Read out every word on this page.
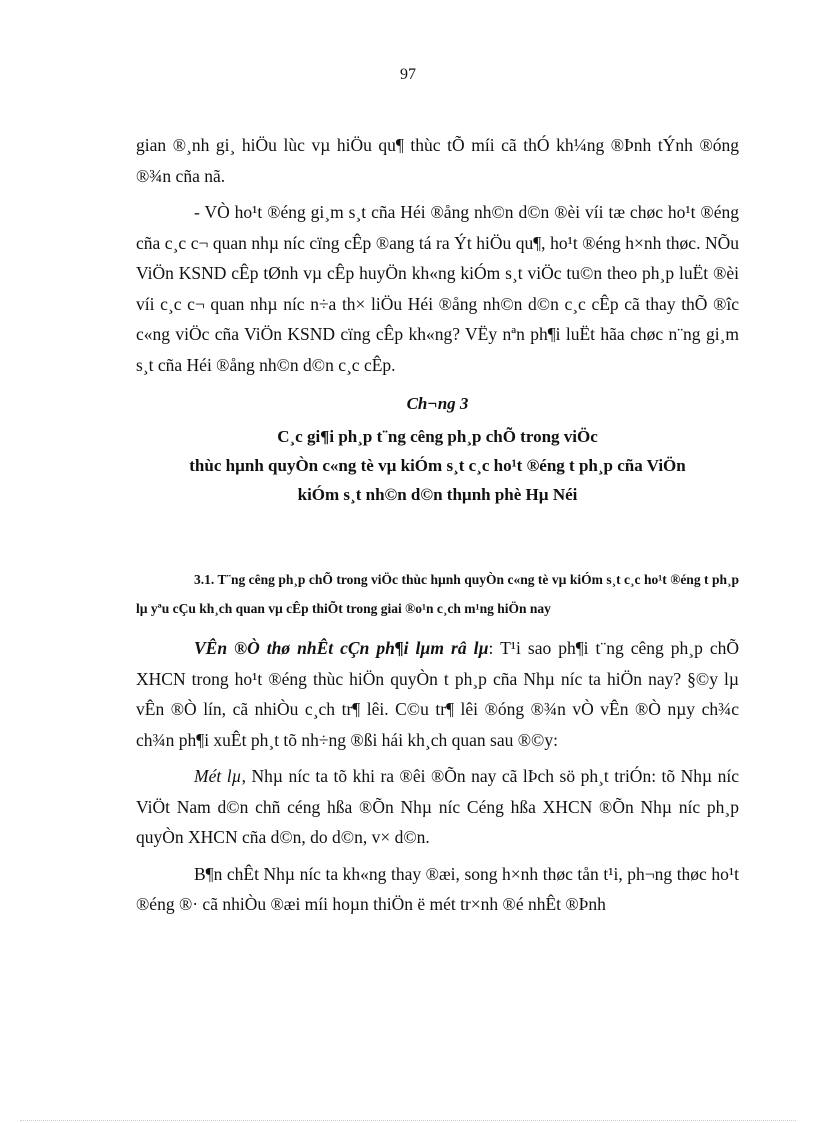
97

gian ®¸nh gi¸ hiÖu lùc vµ hiÖu qu¶ thùc tÕ míi cã thÓ kh¼ng ®Þnh tÝnh ®óng ®¾n cña nã.

- VÒ ho¹t ®éng gi¸m s¸t cña Héi ®ång nh©n d©n ®èi víi tæ chøc ho¹t ®éng cña c¸c c¬ quan nhµ níc cïng cÊp ®ang tá ra Ýt hiÖu qu¶, ho¹t ®éng h×nh thøc. NÕu ViÖn KSND cÊp tØnh vµ cÊp huyÖn kh«ng kiÓm s¸t viÖc tu©n theo ph¸p luËt ®èi víi c¸c c¬ quan nhµ níc n÷a th× liÖu Héi ®ång nh©n d©n c¸c cÊp cã thay thÕ ®îc c«ng viÖc cña ViÖn KSND cïng cÊp kh«ng? VËy nªn ph¶i luËt hãa chøc n¨ng gi¸m s¸t cña Héi ®ång nh©n d©n c¸c cÊp.

Ch¬ng 3
C¸c gi¶i ph¸p t¨ng cêng ph¸p chÕ trong viÖc
thùc hµnh quyÒn c«ng tè vµ kiÓm s¸t c¸c ho¹t ®éng t ph¸p cña ViÖn
kiÓm s¸t nh©n d©n thµnh phè Hµ Néi

3.1. T¨ng cêng ph¸p chÕ trong viÖc thùc hµnh quyÒn c«ng tè vµ kiÓm s¸t c¸c ho¹t ®éng t ph¸p lµ yªu cÇu kh¸ch quan vµ cÊp thiÕt trong giai ®o¹n c¸ch m¹ng hiÖn nay

VÊn ®Ò thø nhÊt cÇn ph¶i lµm râ lµ: T¹i sao ph¶i t¨ng cêng ph¸p chÕ XHCN trong ho¹t ®éng thùc hiÖn quyÒn t ph¸p cña Nhµ níc ta hiÖn nay? §©y lµ vÊn ®Ò lín, cã nhiÒu c¸ch tr¶ lêi. C©u tr¶ lêi ®óng ®¾n vÒ vÊn ®Ò nµy ch¾c ch¾n ph¶i xuÊt ph¸t tõ nh÷ng ®ßi hái kh¸ch quan sau ®©y:

Mét lµ, Nhµ níc ta tõ khi ra ®êi ®Õn nay cã lÞch sö ph¸t triÓn: tõ Nhµ níc ViÖt Nam d©n chñ céng hßa ®Õn Nhµ níc Céng hßa XHCN ®Õn Nhµ níc ph¸p quyÒn XHCN cña d©n, do d©n, v× d©n.

B¶n chÊt Nhµ níc ta kh«ng thay ®æi, song h×nh thøc tån t¹i, ph¬ng thøc ho¹t ®éng ®· cã nhiÒu ®æi míi hoµn thiÖn ë mét tr×nh ®é nhÊt ®Þnh
